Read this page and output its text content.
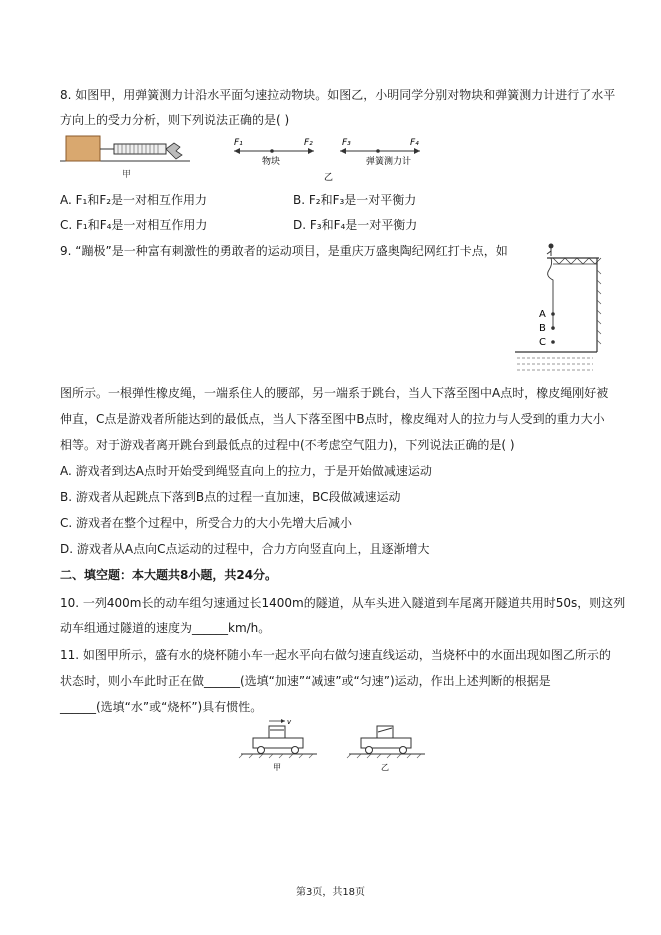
8. 如图甲，用弹簧测力计沿水平面匀速拉动物块。如图乙，小明同学分别对物块和弹簧测力计进行了水平
方向上的受力分析，则下列说法正确的是( )
甲
F₁	F₂
物块
F₃	F₄
弹簧测力计
乙
A. F₁和F₂是一对相互作用力	B. F₂和F₃是一对平衡力
C. F₁和F₄是一对相互作用力	D. F₃和F₄是一对平衡力
9. “蹦极”是一种富有刺激性的勇敢者的运动项目，是重庆万盛奥陶纪网红打卡点，如
A
B
C
图所示。一根弹性橡皮绳，一端系住人的腰部，另一端系于跳台，当人下落至图中A点时，橡皮绳刚好被
伸直，C点是游戏者所能达到的最低点，当人下落至图中B点时，橡皮绳对人的拉力与人受到的重力大小
相等。对于游戏者离开跳台到最低点的过程中(不考虑空气阻力)，下列说法正确的是( )
A. 游戏者到达A点时开始受到绳竖直向上的拉力，于是开始做减速运动
B. 游戏者从起跳点下落到B点的过程一直加速，BC段做减速运动
C. 游戏者在整个过程中，所受合力的大小先增大后减小
D. 游戏者从A点向C点运动的过程中，合力方向竖直向上，且逐渐增大
二、填空题：本大题共8小题，共24分。
10. 一列400m长的动车组匀速通过长1400m的隧道，从车头进入隧道到车尾离开隧道共用时50s，则这列
动车组通过隧道的速度为______km/h。
11. 如图甲所示，盛有水的烧杯随小车一起水平向右做匀速直线运动，当烧杯中的水面出现如图乙所示的
状态时，则小车此时正在做______(选填“加速”“减速”或“匀速”)运动，作出上述判断的根据是
______(选填“水”或“烧杯”)具有惯性。
v
甲	乙
第3页，共18页
